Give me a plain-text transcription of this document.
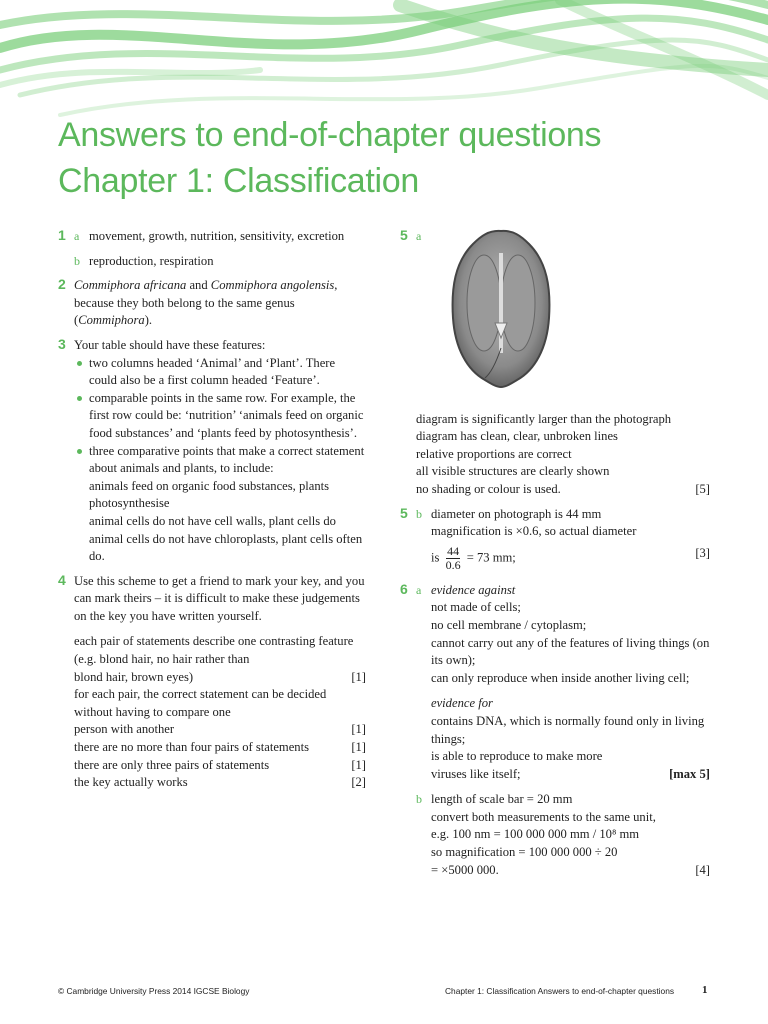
Answers to end-of-chapter questions
Chapter 1: Classification
1 a movement, growth, nutrition, sensitivity, excretion
b reproduction, respiration
2 Commiphora africana and Commiphora angolensis, because they both belong to the same genus (Commiphora).
3 Your table should have these features:
two columns headed ‘Animal’ and ‘Plant’. There could also be a first column headed ‘Feature’.
comparable points in the same row. For example, the first row could be: ‘nutrition’ ‘animals feed on organic food substances’ and ‘plants feed by photosynthesis’.
three comparative points that make a correct statement about animals and plants, to include:
animals feed on organic food substances, plants photosynthesise
animal cells do not have cell walls, plant cells do
animal cells do not have chloroplasts, plant cells often do.
4 Use this scheme to get a friend to mark your key, and you can mark theirs – it is difficult to make these judgements on the key you have written yourself.
each pair of statements describe one contrasting feature (e.g. blond hair, no hair rather than
blond hair, brown eyes)	[1]
for each pair, the correct statement can be decided without having to compare one
person with another	[1]
there are no more than four pairs of statements	[1]
there are only three pairs of statements	[1]
the key actually works	[2]
5 a
diagram is significantly larger than the photograph
diagram has clean, clear, unbroken lines
relative proportions are correct
all visible structures are clearly shown
no shading or colour is used.	[5]
5 b diameter on photograph is 44 mm
magnification is ×0.6, so actual diameter
is $\frac{44}{0.6} = 73$ mm;	[3]
6 a evidence against
not made of cells;
no cell membrane / cytoplasm;
cannot carry out any of the features of living things (on its own);
can only reproduce when inside another living cell;
evidence for
contains DNA, which is normally found only in living things;
is able to reproduce to make more
viruses like itself;	[max 5]
b length of scale bar = 20 mm
convert both measurements to the same unit,
e.g. 100 nm = 100 000 000 mm / 10⁸ mm
so magnification = 100 000 000 ÷ 20
= ×5000 000.	[4]
© Cambridge University Press 2014 IGCSE Biology	Chapter 1: Classification Answers to end-of-chapter questions	1
